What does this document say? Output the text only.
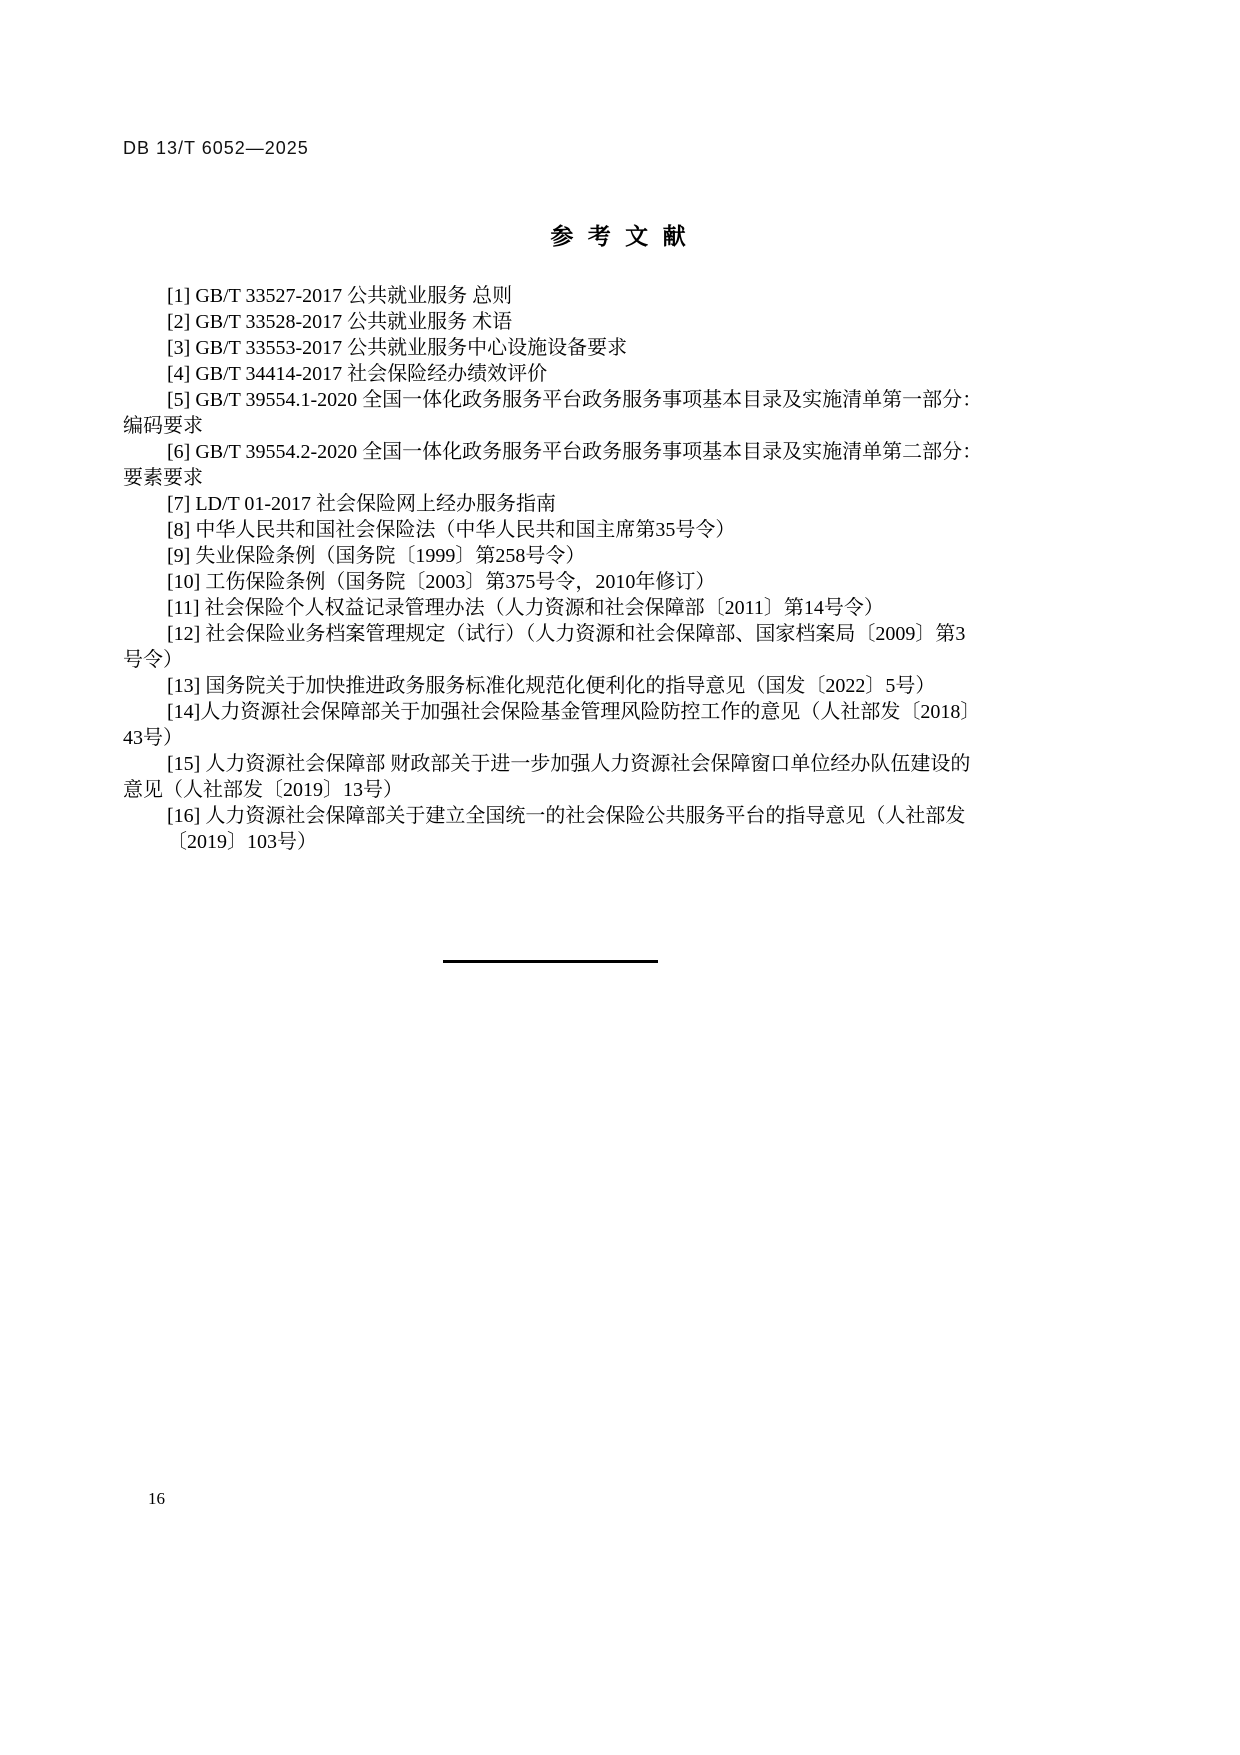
DB 13/T 6052—2025
参 考 文 献
[1] GB/T 33527-2017 公共就业服务 总则
[2] GB/T 33528-2017 公共就业服务 术语
[3] GB/T 33553-2017 公共就业服务中心设施设备要求
[4] GB/T 34414-2017 社会保险经办绩效评价
[5] GB/T 39554.1-2020 全国一体化政务服务平台政务服务事项基本目录及实施清单第一部分：
编码要求
[6] GB/T 39554.2-2020 全国一体化政务服务平台政务服务事项基本目录及实施清单第二部分：
要素要求
[7] LD/T 01-2017 社会保险网上经办服务指南
[8] 中华人民共和国社会保险法（中华人民共和国主席第35号令）
[9] 失业保险条例（国务院〔1999〕第258号令）
[10] 工伤保险条例（国务院〔2003〕第375号令，2010年修订）
[11] 社会保险个人权益记录管理办法（人力资源和社会保障部〔2011〕第14号令）
[12] 社会保险业务档案管理规定（试行）（人力资源和社会保障部、国家档案局〔2009〕第3
号令）
[13] 国务院关于加快推进政务服务标准化规范化便利化的指导意见（国发〔2022〕5号）
[14]人力资源社会保障部关于加强社会保险基金管理风险防控工作的意见（人社部发〔2018〕
43号）
[15] 人力资源社会保障部 财政部关于进一步加强人力资源社会保障窗口单位经办队伍建设的
意见（人社部发〔2019〕13号）
[16] 人力资源社会保障部关于建立全国统一的社会保险公共服务平台的指导意见（人社部发
〔2019〕103号）
16
